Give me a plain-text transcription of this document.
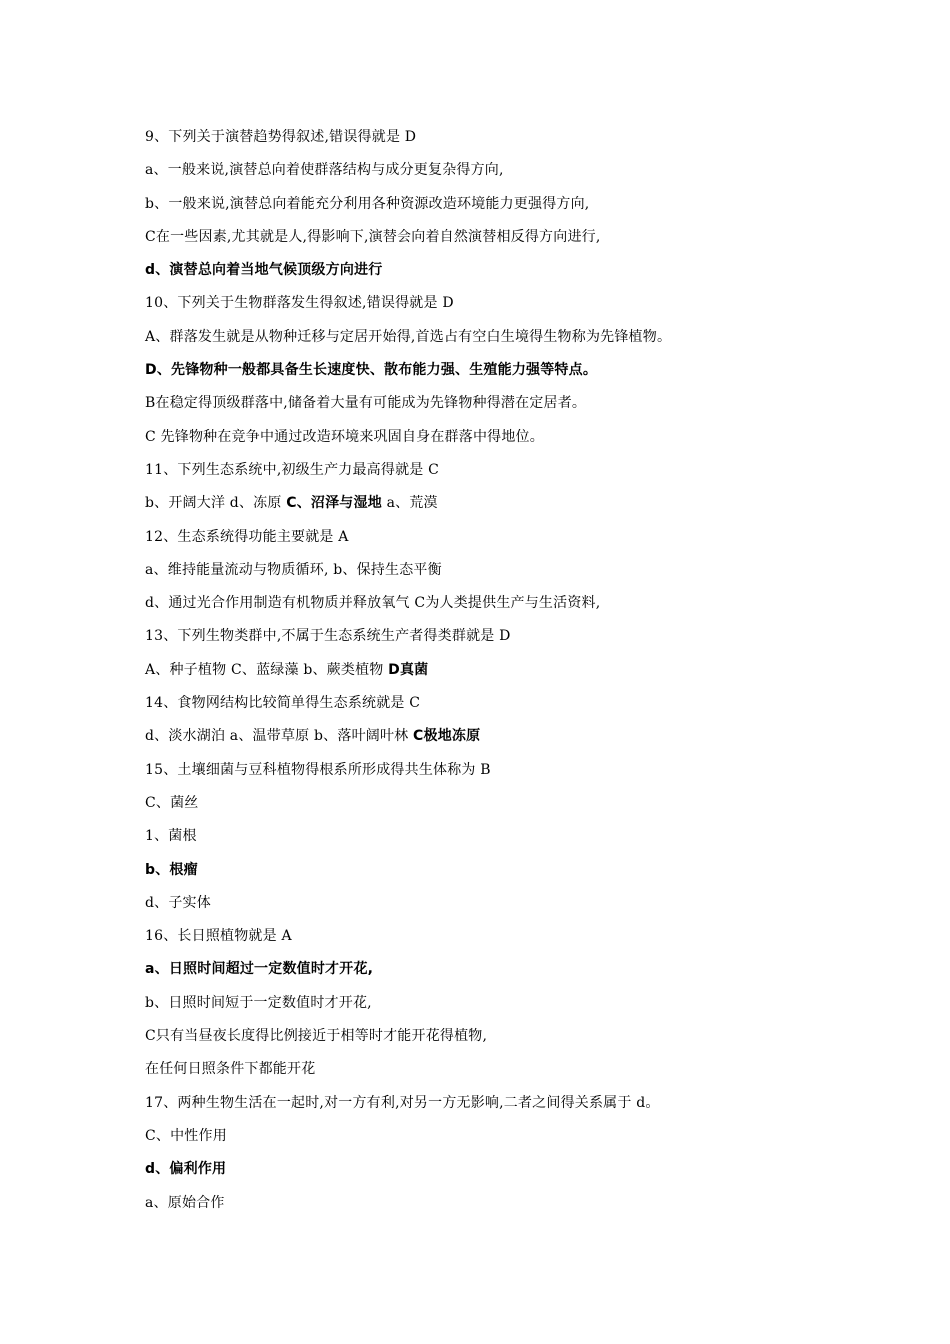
9、下列关于演替趋势得叙述,错误得就是 D
a、一般来说,演替总向着使群落结构与成分更复杂得方向,
b、一般来说,演替总向着能充分利用各种资源改造环境能力更强得方向,
C在一些因素,尤其就是人,得影响下,演替会向着自然演替相反得方向进行,
d、演替总向着当地气候顶级方向进行
10、下列关于生物群落发生得叙述,错误得就是 D
A、群落发生就是从物种迁移与定居开始得,首选占有空白生境得生物称为先锋植物。
D、先锋物种一般都具备生长速度快、散布能力强、生殖能力强等特点。
B在稳定得顶级群落中,储备着大量有可能成为先锋物种得潜在定居者。
C 先锋物种在竞争中通过改造环境来巩固自身在群落中得地位。
11、下列生态系统中,初级生产力最高得就是 C
b、开阔大洋 d、冻原 C、沼泽与湿地 a、荒漠
12、生态系统得功能主要就是 A
a、维持能量流动与物质循环, b、保持生态平衡
d、通过光合作用制造有机物质并释放氧气 C为人类提供生产与生活资料,
13、下列生物类群中,不属于生态系统生产者得类群就是 D
A、种子植物 C、蓝绿藻 b、蕨类植物 D真菌
14、食物网结构比较简单得生态系统就是 C
d、淡水湖泊 a、温带草原 b、落叶阔叶林 C极地冻原
15、土壤细菌与豆科植物得根系所形成得共生体称为 B
C、菌丝
1、菌根
b、根瘤
d、子实体
16、长日照植物就是 A
a、日照时间超过一定数值时才开花,
b、日照时间短于一定数值时才开花,
C只有当昼夜长度得比例接近于相等时才能开花得植物,
在任何日照条件下都能开花
17、两种生物生活在一起时,对一方有利,对另一方无影响,二者之间得关系属于 d。
C、中性作用
d、偏利作用
a、原始合作
